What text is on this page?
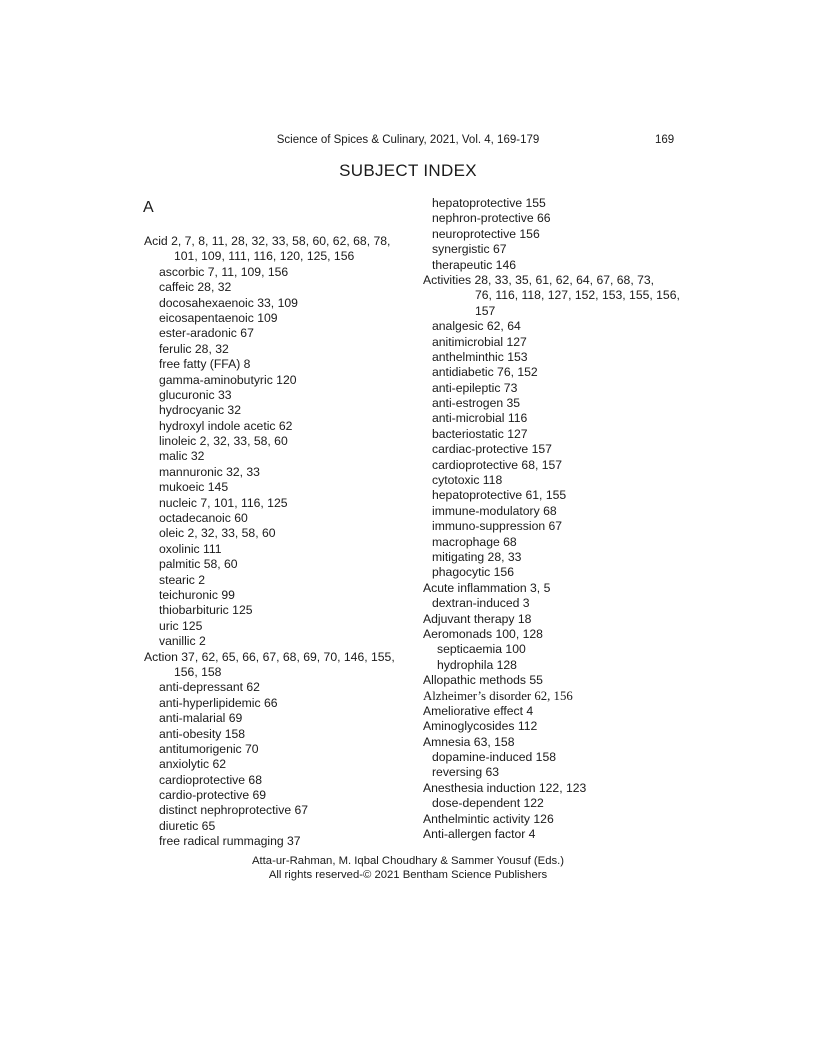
Science of Spices & Culinary, 2021, Vol. 4, 169-179	169
SUBJECT INDEX
A
Acid 2, 7, 8, 11, 28, 32, 33, 58, 60, 62, 68, 78,
101, 109, 111, 116, 120, 125, 156
ascorbic 7, 11, 109, 156
caffeic 28, 32
docosahexaenoic 33, 109
eicosapentaenoic 109
ester-aradonic 67
ferulic 28, 32
free fatty (FFA) 8
gamma-aminobutyric 120
glucuronic 33
hydrocyanic 32
hydroxyl indole acetic 62
linoleic 2, 32, 33, 58, 60
malic 32
mannuronic 32, 33
mukoeic 145
nucleic 7, 101, 116, 125
octadecanoic 60
oleic 2, 32, 33, 58, 60
oxolinic 111
palmitic 58, 60
stearic 2
teichuronic 99
thiobarbituric 125
uric 125
vanillic 2
Action 37, 62, 65, 66, 67, 68, 69, 70, 146, 155,
156, 158
anti-depressant 62
anti-hyperlipidemic 66
anti-malarial 69
anti-obesity 158
antitumorigenic 70
anxiolytic 62
cardioprotective 68
cardio-protective 69
distinct nephroprotective 67
diuretic 65
free radical rummaging 37
hepatoprotective 155
nephron-protective 66
neuroprotective 156
synergistic 67
therapeutic 146
Activities 28, 33, 35, 61, 62, 64, 67, 68, 73,
76, 116, 118, 127, 152, 153, 155, 156,
157
analgesic 62, 64
anitimicrobial 127
anthelminthic 153
antidiabetic 76, 152
anti-epileptic 73
anti-estrogen 35
anti-microbial 116
bacteriostatic 127
cardiac-protective 157
cardioprotective 68, 157
cytotoxic 118
hepatoprotective 61, 155
immune-modulatory 68
immuno-suppression 67
macrophage 68
mitigating 28, 33
phagocytic 156
Acute inflammation 3, 5
dextran-induced 3
Adjuvant therapy 18
Aeromonads 100, 128
septicaemia 100
hydrophila 128
Allopathic methods 55
Alzheimer’s disorder 62, 156
Ameliorative effect 4
Aminoglycosides 112
Amnesia 63, 158
dopamine-induced 158
reversing 63
Anesthesia induction 122, 123
dose-dependent 122
Anthelmintic activity 126
Anti-allergen factor 4
Atta-ur-Rahman, M. Iqbal Choudhary & Sammer Yousuf (Eds.)
All rights reserved-© 2021 Bentham Science Publishers
